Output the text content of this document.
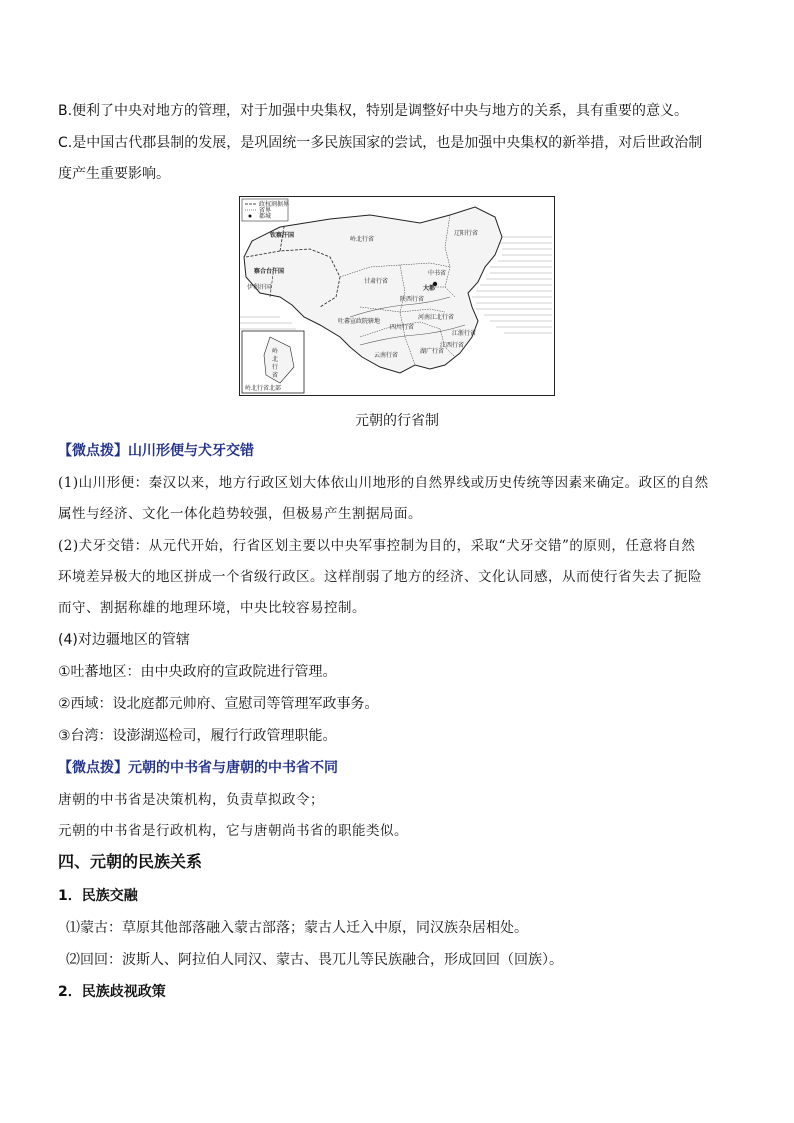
B.便利了中央对地方的管理，对于加强中央集权，特别是调整好中央与地方的关系，具有重要的意义。
C.是中国古代郡县制的发展，是巩固统一多民族国家的尝试，也是加强中央集权的新举措，对后世政治制
度产生重要影响。
政权割据界
省界
都城
钦察汗国
察合台汗国
伊利汗国
岭北行省
辽阳行省
甘肃行省
中书省
大都
陕西行省
河南江北行省
吐蕃宣政院辖地
四川行省
云南行省
湖广行省
江浙行省
江西行省
岭
北
行
省
岭北行省北部
元朝的行省制
【微点拨】山川形便与犬牙交错
(1)山川形便：秦汉以来，地方行政区划大体依山川地形的自然界线或历史传统等因素来确定。政区的自然
属性与经济、文化一体化趋势较强，但极易产生割据局面。
(2)犬牙交错：从元代开始，行省区划主要以中央军事控制为目的，采取“犬牙交错”的原则，任意将自然
环境差异极大的地区拼成一个省级行政区。这样削弱了地方的经济、文化认同感，从而使行省失去了扼险
而守、割据称雄的地理环境，中央比较容易控制。
(4)对边疆地区的管辖
①吐蕃地区：由中央政府的宣政院进行管理。
②西域：设北庭都元帅府、宣慰司等管理军政事务。
③台湾：设澎湖巡检司，履行行政管理职能。
【微点拨】元朝的中书省与唐朝的中书省不同
唐朝的中书省是决策机构，负责草拟政令；
元朝的中书省是行政机构，它与唐朝尚书省的职能类似。
四、元朝的民族关系
1．民族交融
⑴蒙古：草原其他部落融入蒙古部落；蒙古人迁入中原，同汉族杂居相处。
⑵回回：波斯人、阿拉伯人同汉、蒙古、畏兀儿等民族融合，形成回回（回族）。
2．民族歧视政策
